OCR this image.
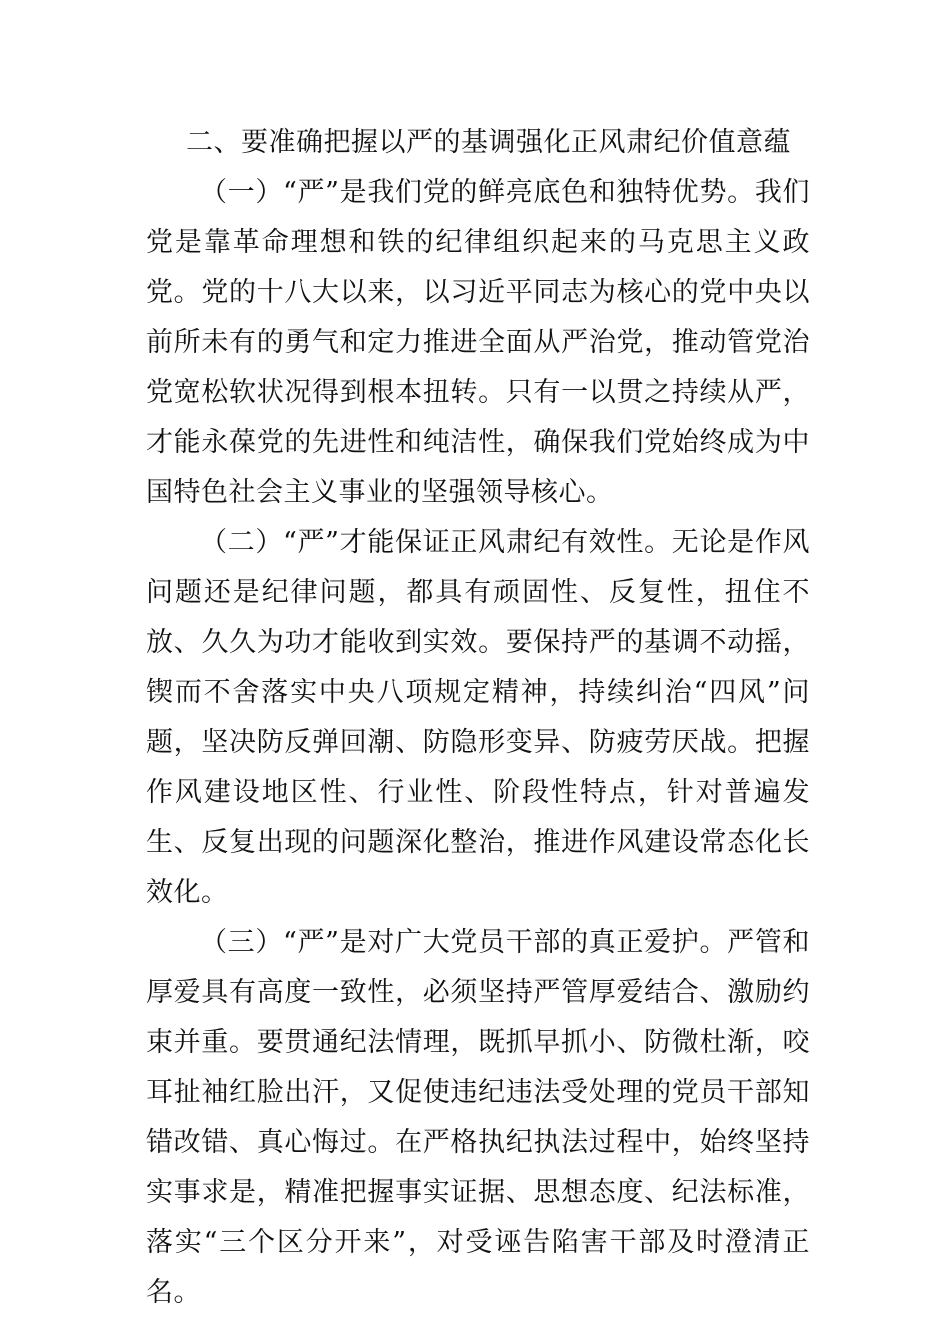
二、要准确把握以严的基调强化正风肃纪价值意蕴

（一）“严”是我们党的鲜亮底色和独特优势。我们党是靠革命理想和铁的纪律组织起来的马克思主义政党。党的十八大以来，以习近平同志为核心的党中央以前所未有的勇气和定力推进全面从严治党，推动管党治党宽松软状况得到根本扭转。只有一以贯之持续从严，才能永葆党的先进性和纯洁性，确保我们党始终成为中国特色社会主义事业的坚强领导核心。

（二）“严”才能保证正风肃纪有效性。无论是作风问题还是纪律问题，都具有顽固性、反复性，扭住不放、久久为功才能收到实效。要保持严的基调不动摇，锲而不舍落实中央八项规定精神，持续纠治“四风”问题，坚决防反弹回潮、防隐形变异、防疲劳厌战。把握作风建设地区性、行业性、阶段性特点，针对普遍发生、反复出现的问题深化整治，推进作风建设常态化长效化。

（三）“严”是对广大党员干部的真正爱护。严管和厚爱具有高度一致性，必须坚持严管厚爱结合、激励约束并重。要贯通纪法情理，既抓早抓小、防微杜渐，咬耳扯袖红脸出汗，又促使违纪违法受处理的党员干部知错改错、真心悔过。在严格执纪执法过程中，始终坚持实事求是，精准把握事实证据、思想态度、纪法标准，落实“三个区分开来”，对受诬告陷害干部及时澄清正名。
